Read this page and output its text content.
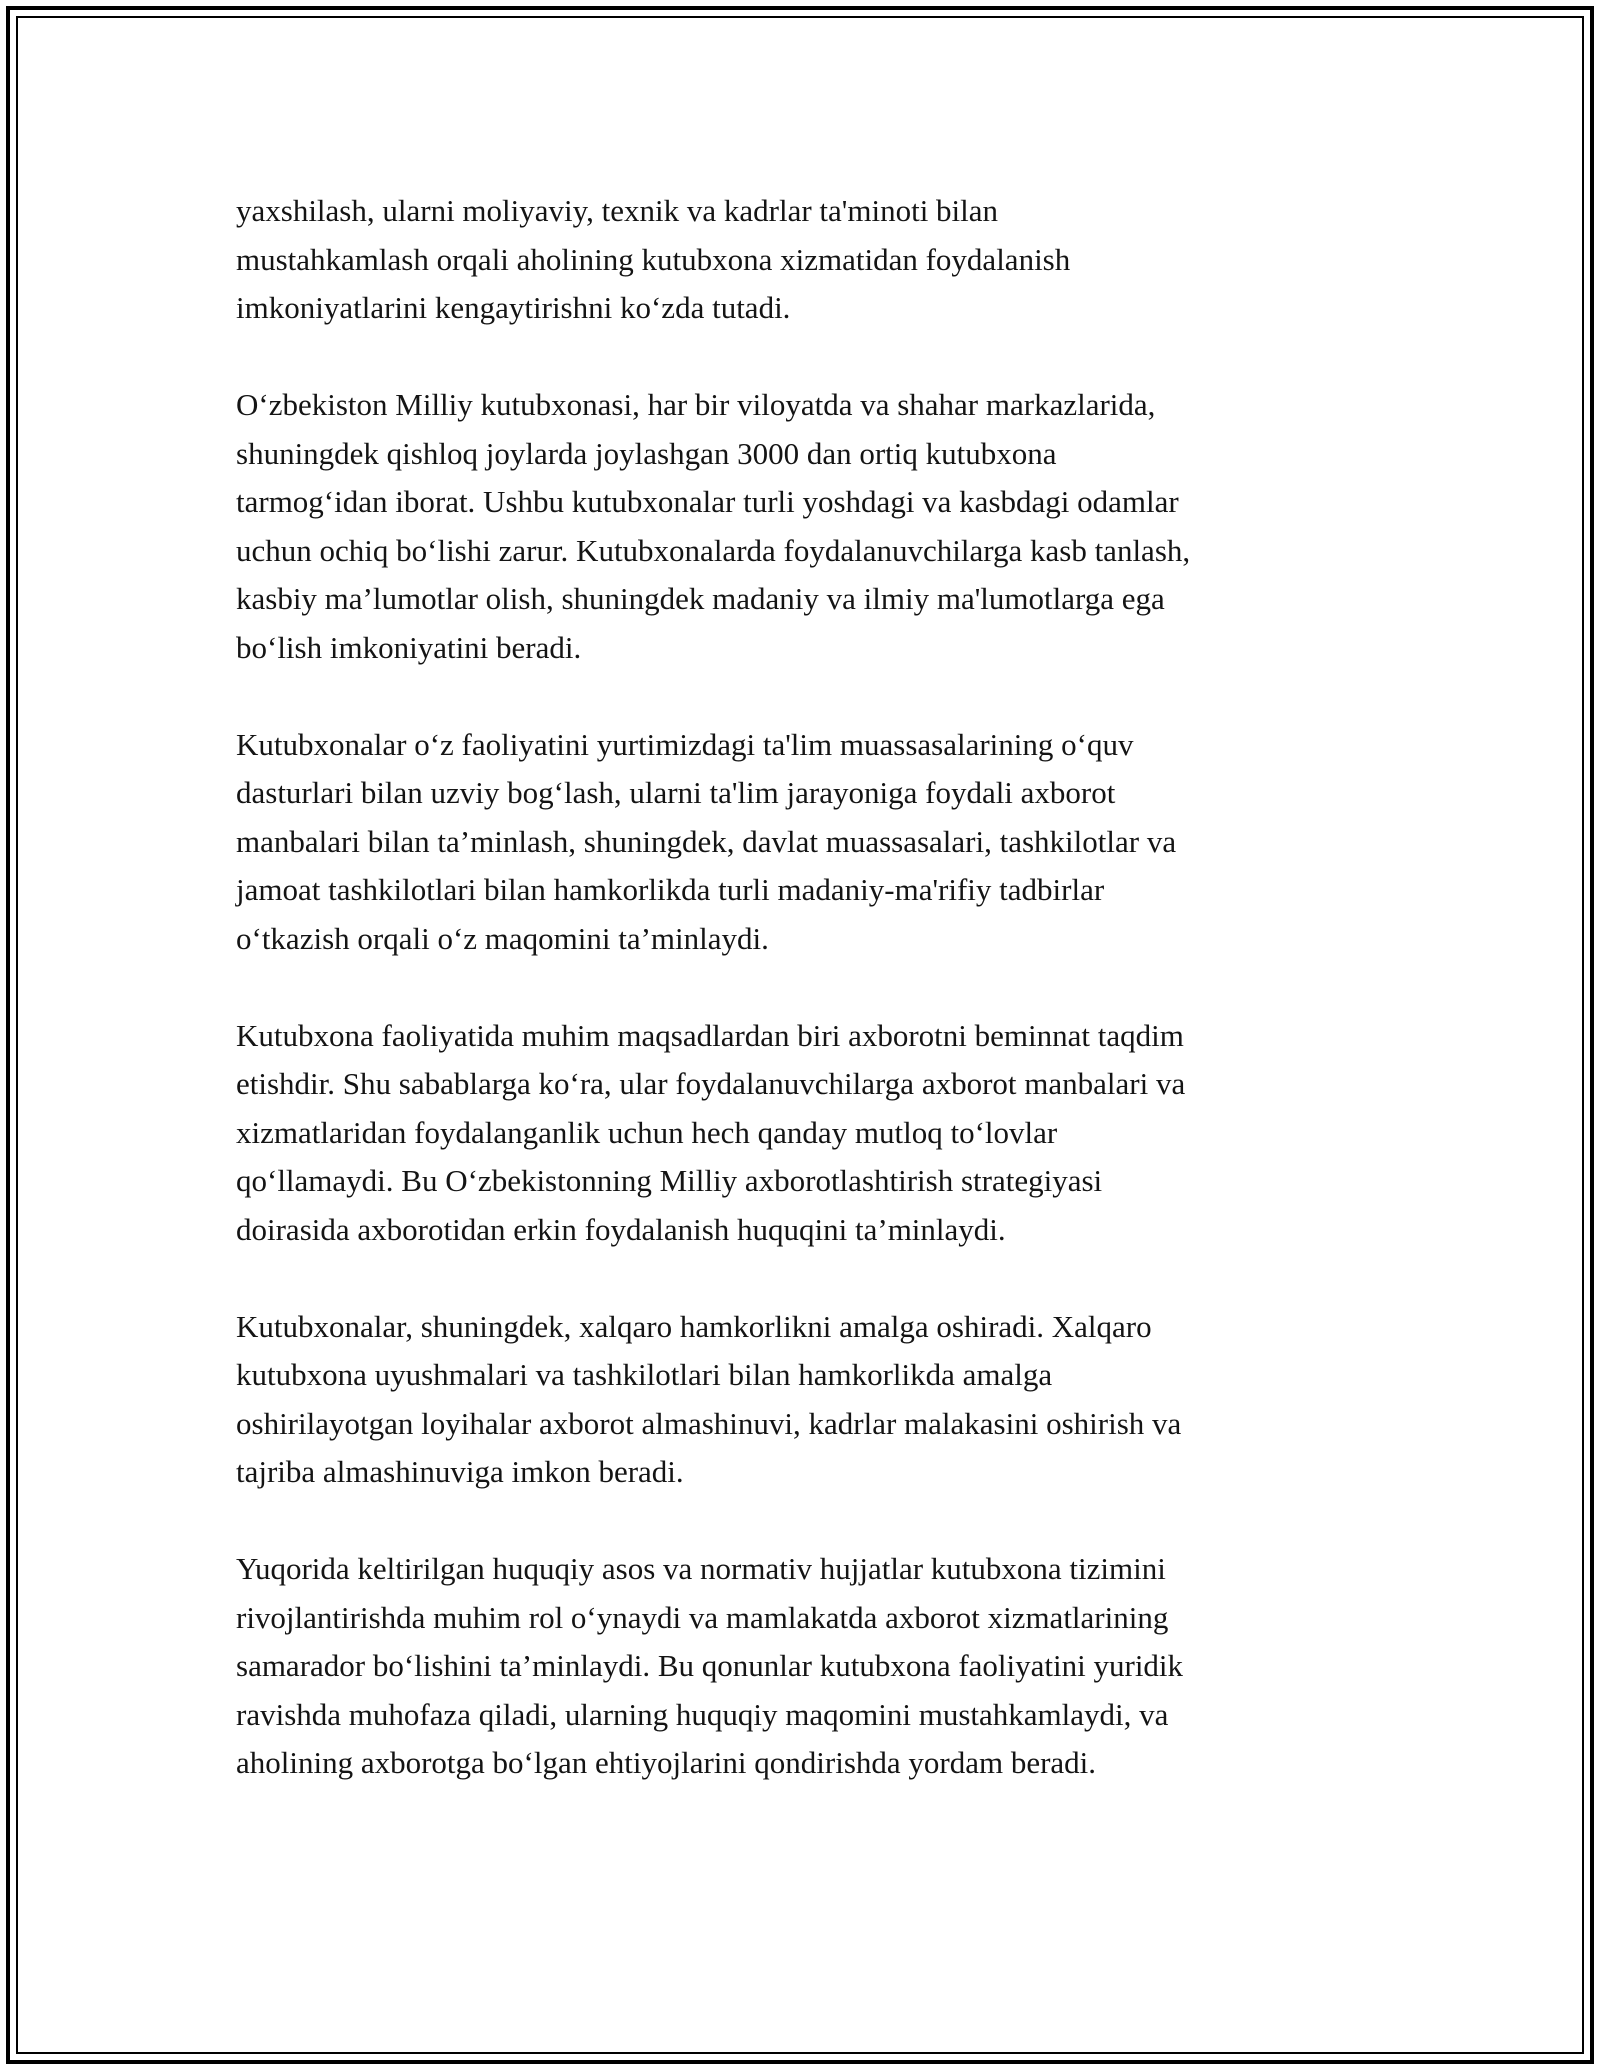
yaxshilash, ularni moliyaviy, texnik va kadrlar ta'minoti bilan
mustahkamlash orqali aholining kutubxona xizmatidan foydalanish
imkoniyatlarini kengaytirishni ko‘zda tutadi.

O‘zbekiston Milliy kutubxonasi, har bir viloyatda va shahar markazlarida,
shuningdek qishloq joylarda joylashgan 3000 dan ortiq kutubxona
tarmog‘idan iborat. Ushbu kutubxonalar turli yoshdagi va kasbdagi odamlar
uchun ochiq bo‘lishi zarur. Kutubxonalarda foydalanuvchilarga kasb tanlash,
kasbiy ma’lumotlar olish, shuningdek madaniy va ilmiy ma'lumotlarga ega
bo‘lish imkoniyatini beradi.

Kutubxonalar o‘z faoliyatini yurtimizdagi ta'lim muassasalarining o‘quv
dasturlari bilan uzviy bog‘lash, ularni ta'lim jarayoniga foydali axborot
manbalari bilan ta’minlash, shuningdek, davlat muassasalari, tashkilotlar va
jamoat tashkilotlari bilan hamkorlikda turli madaniy-ma'rifiy tadbirlar
o‘tkazish orqali o‘z maqomini ta’minlaydi.

Kutubxona faoliyatida muhim maqsadlardan biri axborotni beminnat taqdim
etishdir. Shu sabablarga ko‘ra, ular foydalanuvchilarga axborot manbalari va
xizmatlaridan foydalanganlik uchun hech qanday mutloq to‘lovlar
qo‘llamaydi. Bu O‘zbekistonning Milliy axborotlashtirish strategiyasi
doirasida axborotidan erkin foydalanish huquqini ta’minlaydi.

Kutubxonalar, shuningdek, xalqaro hamkorlikni amalga oshiradi. Xalqaro
kutubxona uyushmalari va tashkilotlari bilan hamkorlikda amalga
oshirilayotgan loyihalar axborot almashinuvi, kadrlar malakasini oshirish va
tajriba almashinuviga imkon beradi.

Yuqorida keltirilgan huquqiy asos va normativ hujjatlar kutubxona tizimini
rivojlantirishda muhim rol o‘ynaydi va mamlakatda axborot xizmatlarining
samarador bo‘lishini ta’minlaydi. Bu qonunlar kutubxona faoliyatini yuridik
ravishda muhofaza qiladi, ularning huquqiy maqomini mustahkamlaydi, va
aholining axborotga bo‘lgan ehtiyojlarini qondirishda yordam beradi.
